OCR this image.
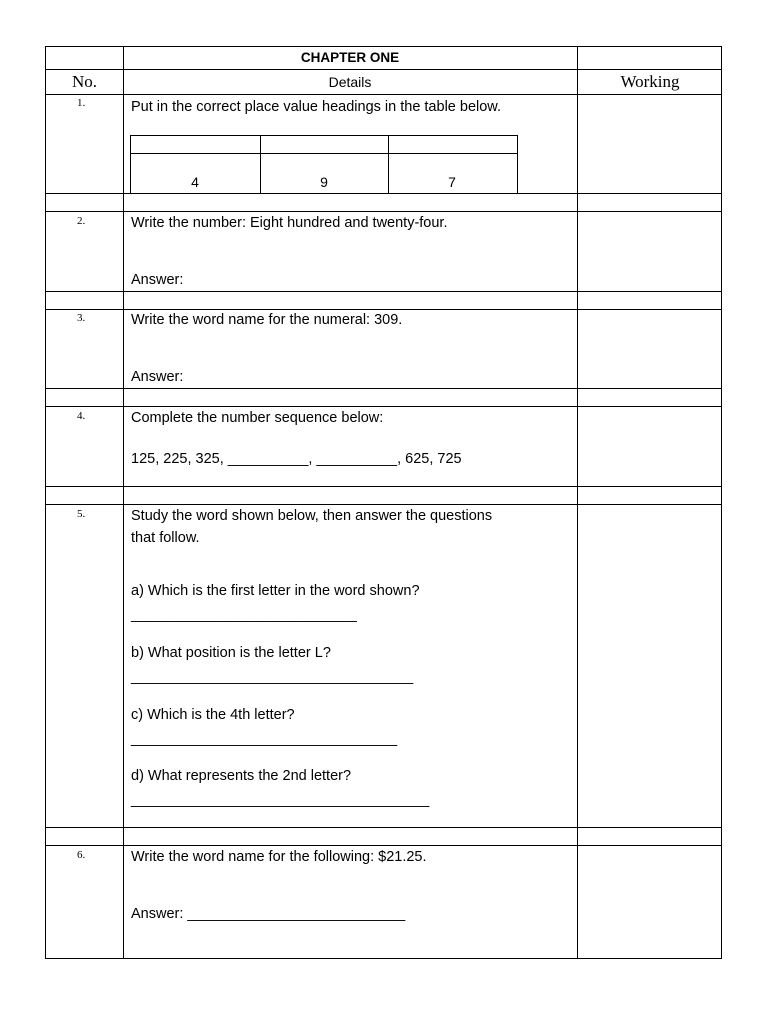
CHAPTER ONE
No.	Details	Working
1.	Put in the correct place value headings in the table below.
4	9	7
2.	Write the number: Eight hundred and twenty-four.
Answer:
3.	Write the word name for the numeral: 309.
Answer:
4.	Complete the number sequence below:
125, 225, 325, __________, __________, 625, 725
5.	Study the word shown below, then answer the questions
that follow.
a) Which is the first letter in the word shown?
____________________________
b) What position is the letter L?
___________________________________
c) Which is the 4th letter?
_________________________________
d) What represents the 2nd letter?
_____________________________________
6.	Write the word name for the following: $21.25.
Answer: ___________________________
